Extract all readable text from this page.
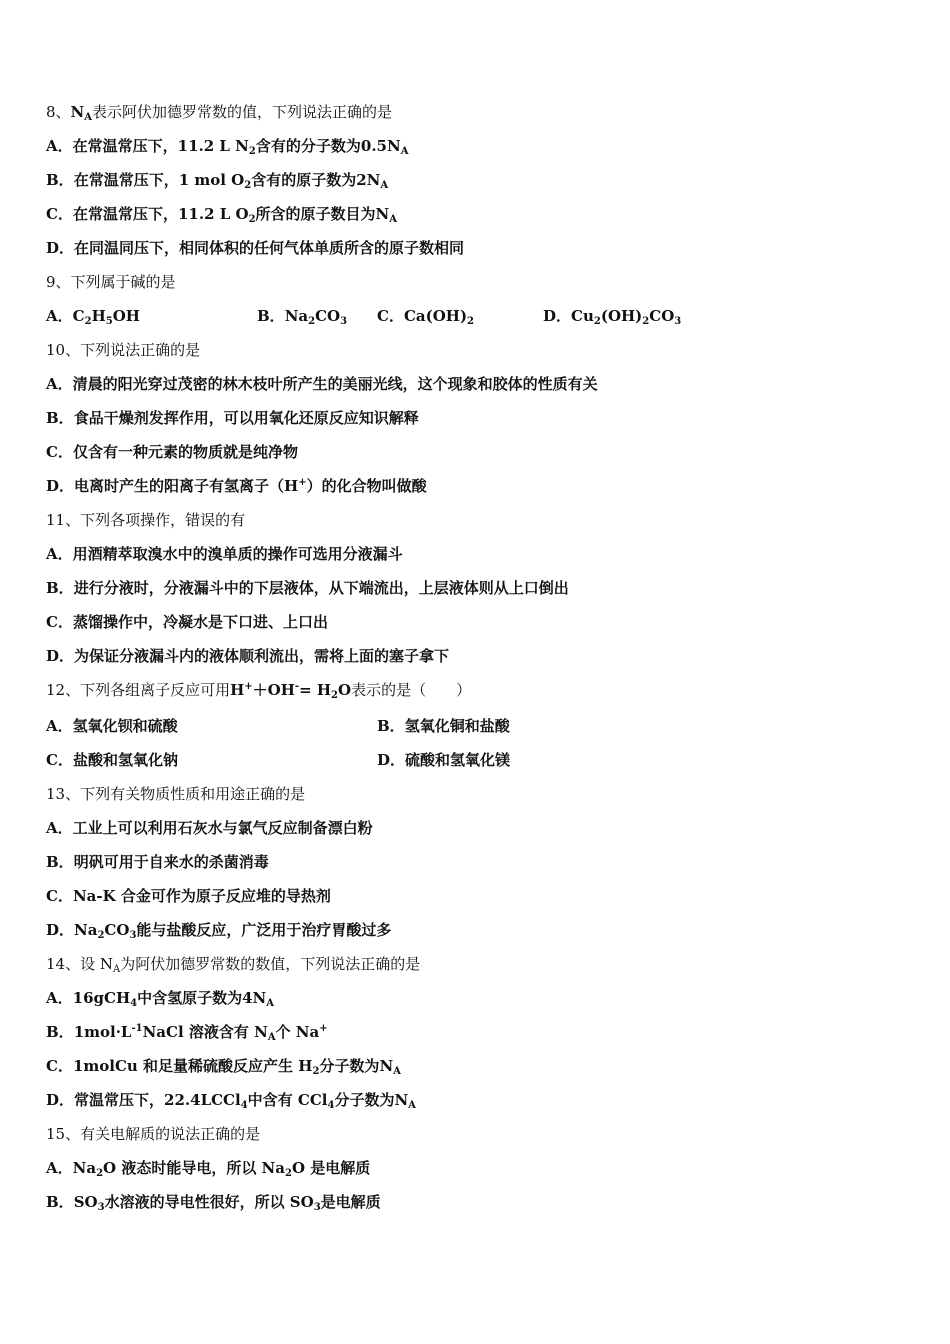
8、$N_A$表示阿伏加德罗常数的值，下列说法正确的是
A．在常温常压下，11.2 L $N_2$含有的分子数为$0.5N_A$
B．在常温常压下，1 mol $O_2$含有的原子数为$2N_A$
C．在常温常压下，11.2 L $O_2$所含的原子数目为$N_A$
D．在同温同压下，相同体积的任何气体单质所含的原子数相同
9、下列属于碱的是
A．$C_2H_5OH$	B．$Na_2CO_3$ C．$Ca(OH)_2$	D．$Cu_2(OH)_2CO_3$
10、下列说法正确的是
A．清晨的阳光穿过茂密的林木枝叶所产生的美丽光线，这个现象和胶体的性质有关
B．食品干燥剂发挥作用，可以用氧化还原反应知识解释
C．仅含有一种元素的物质就是纯净物
D．电离时产生的阳离子有氢离子（H+）的化合物叫做酸
11、下列各项操作，错误的有
A．用酒精萃取溴水中的溴单质的操作可选用分液漏斗
B．进行分液时，分液漏斗中的下层液体，从下端流出，上层液体则从上口倒出
C．蒸馏操作中，冷凝水是下口进、上口出
D．为保证分液漏斗内的液体顺利流出，需将上面的塞子拿下
12、下列各组离子反应可用$H^++OH^-= H_2O$表示的是（　　）
A．氢氧化钡和硫酸	B．氢氧化铜和盐酸
C．盐酸和氢氧化钠	D．硫酸和氢氧化镁
13、下列有关物质性质和用途正确的是
A．工业上可以利用石灰水与氯气反应制备漂白粉
B．明矾可用于自来水的杀菌消毒
C．Na-K 合金可作为原子反应堆的导热剂
D．$Na_2CO_3$能与盐酸反应，广泛用于治疗胃酸过多
14、设 $N_A$为阿伏加德罗常数的数值，下列说法正确的是
A．16gCH$_4$中含氢原子数为$4N_A$
B．$1mol\cdot L^{-1}NaCl$ 溶液含有 $N_A$个 Na+
C．1molCu 和足量稀硫酸反应产生 $H_2$分子数为$N_A$
D．常温常压下，22.4LCCl$_4$中含有 CCl$_4$分子数为$N_A$
15、有关电解质的说法正确的是
A．$Na_2O$ 液态时能导电，所以 $Na_2O$ 是电解质
B．$SO_3$水溶液的导电性很好，所以 $SO_3$是电解质
